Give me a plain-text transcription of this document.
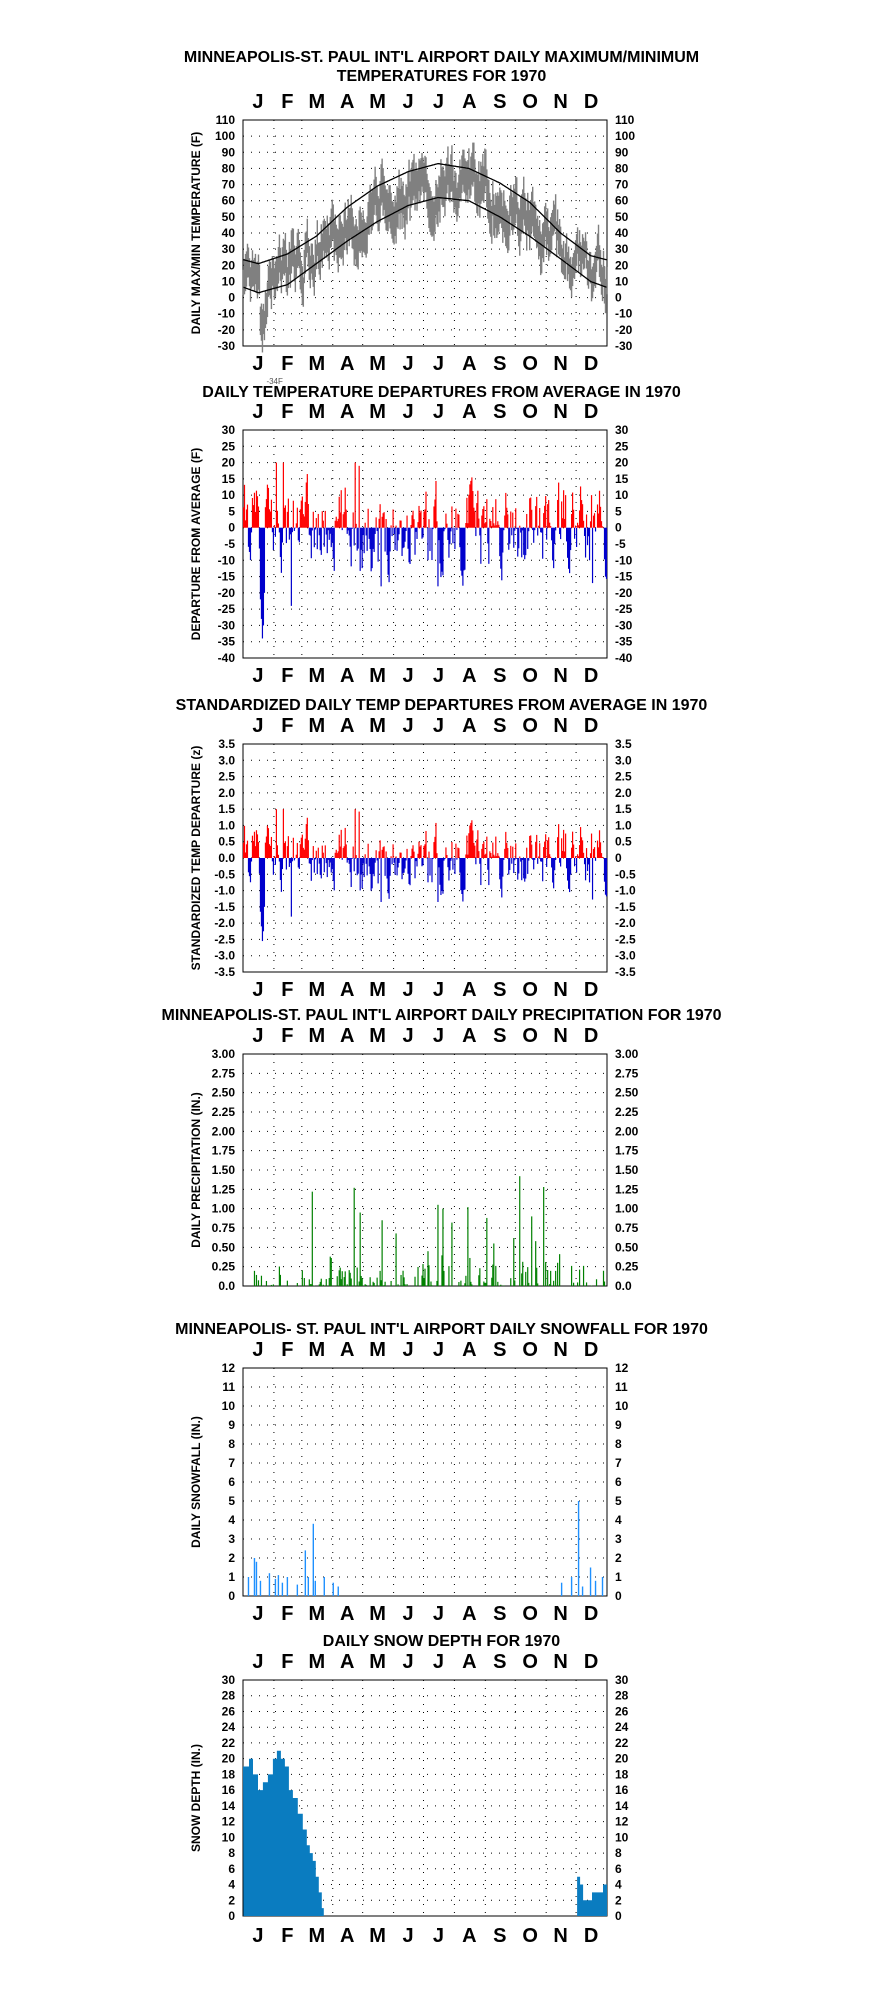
MINNEAPOLIS-ST. PAUL INT'L AIRPORT DAILY MAXIMUM/MINIMUM
TEMPERATURES FOR 1970
110	110
100	100
90	90
80	80
70	70
60	60
50	50
40	40
30	30
20	20
10	10
0	0
-10	-10
-20	-20
-30	-30
J
J
F
F
M
M
A
A
M
M
J
J
J
J
A
A
S
S
O
O
N
N
D
D
DAILY MAX/MIN TEMPERATURE (F)
-34F
DAILY TEMPERATURE DEPARTURES FROM AVERAGE IN 1970
30	30
25	25
20	20
15	15
10	10
5	5
0	0
-5	-5
-10	-10
-15	-15
-20	-20
-25	-25
-30	-30
-35	-35
-40	-40
J
J
F
F
M
M
A
A
M
M
J
J
J
J
A
A
S
S
O
O
N
N
D
D
DEPARTURE FROM AVERAGE (F)
STANDARDIZED DAILY TEMP DEPARTURES FROM AVERAGE IN 1970
3.5	3.5
3.0	3.0
2.5	2.5
2.0	2.0
1.5	1.5
1.0	1.0
0.5	0.5
0.0	0
-0.5	-0.5
-1.0	-1.0
-1.5	-1.5
-2.0	-2.0
-2.5	-2.5
-3.0	-3.0
-3.5	-3.5
J
J
F
F
M
M
A
A
M
M
J
J
J
J
A
A
S
S
O
O
N
N
D
D
STANDARDIZED TEMP DEPARTURE (z)
MINNEAPOLIS-ST. PAUL INT'L AIRPORT DAILY PRECIPITATION FOR 1970
3.00	3.00
2.75	2.75
2.50	2.50
2.25	2.25
2.00	2.00
1.75	1.75
1.50	1.50
1.25	1.25
1.00	1.00
0.75	0.75
0.50	0.50
0.25	0.25
0.0	0.0
J F M A M J J A S O N D
DAILY PRECIPITATION (IN.)
MINNEAPOLIS- ST. PAUL INT'L AIRPORT DAILY SNOWFALL FOR 1970
12	12
11	11
10	10
9	9
8	8
7	7
6	6
5	5
4	4
3	3
2	2
1	1
0	0
J
J
F
F
M
M
A
A
M
M
J
J
J
J
A
A
S
S
O
O
N
N
D
D
DAILY SNOWFALL (IN.)
DAILY SNOW DEPTH FOR 1970
30	30
28	28
26	26
24	24
22	22
20	20
18	18
16	16
14	14
12	12
10	10
8	8
6	6
4	4
2	2
0	0
J
J
F
F
M
M
A
A
M
M
J
J
J
J
A
A
S
S
O
O
N
N
D
D
SNOW DEPTH (IN.)
